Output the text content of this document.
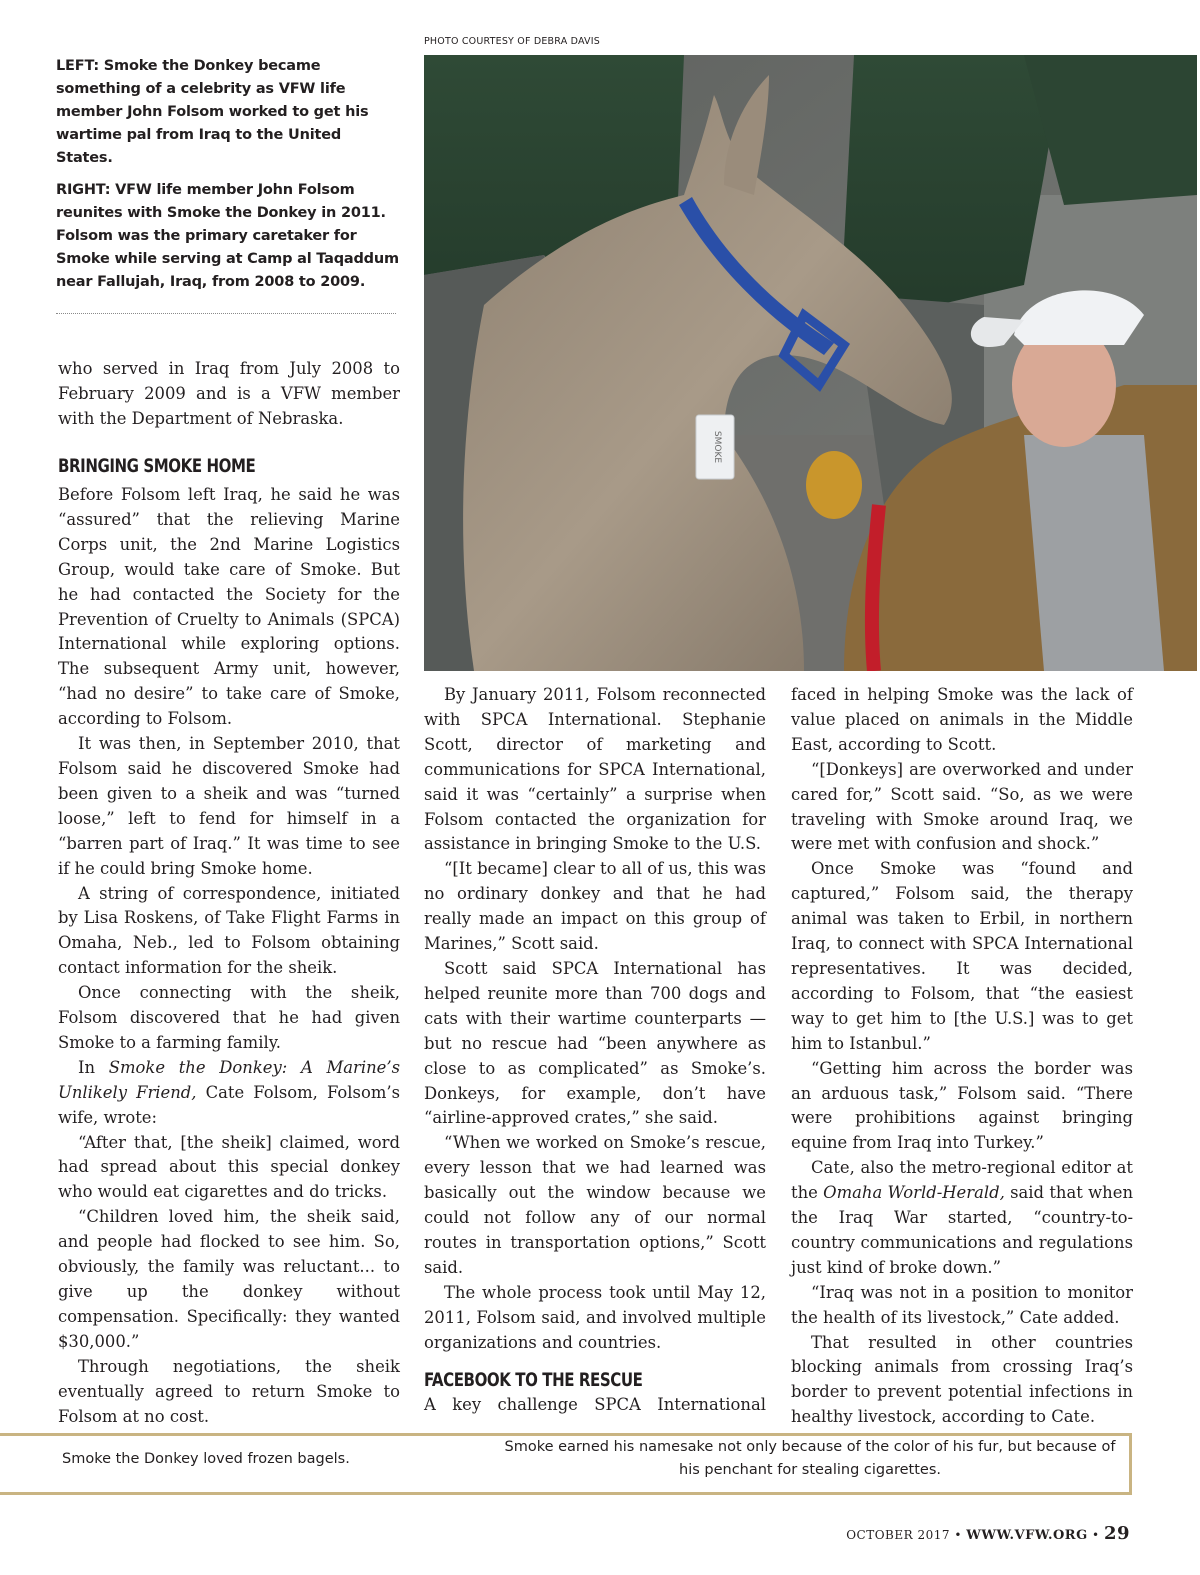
LEFT: Smoke the Donkey became something of a celebrity as VFW life member John Folsom worked to get his wartime pal from Iraq to the United States.
RIGHT: VFW life member John Folsom reunites with Smoke the Donkey in 2011. Folsom was the primary caretaker for Smoke while serving at Camp al Taqaddum near Fallujah, Iraq, from 2008 to 2009.
PHOTO COURTESY OF DEBRA DAVIS
SMOKE

who served in Iraq from July 2008 to February 2009 and is a VFW member with the Department of Nebraska.

BRINGING SMOKE HOME

Before Folsom left Iraq, he said he was “assured” that the relieving Marine Corps unit, the 2nd Marine Logistics Group, would take care of Smoke. But he had contacted the Society for the Prevention of Cruelty to Animals (SPCA) International while exploring options. The subsequent Army unit, however, “had no desire” to take care of Smoke, according to Folsom.

It was then, in September 2010, that Folsom said he discovered Smoke had been given to a sheik and was “turned loose,” left to fend for himself in a “barren part of Iraq.” It was time to see if he could bring Smoke home.

A string of correspondence, initiated by Lisa Roskens, of Take Flight Farms in Omaha, Neb., led to Folsom obtaining contact information for the sheik.

Once connecting with the sheik, Folsom discovered that he had given Smoke to a farming family.

In Smoke the Donkey: A Marine’s Unlikely Friend, Cate Folsom, Folsom’s wife, wrote:

“After that, [the sheik] claimed, word had spread about this special donkey who would eat cigarettes and do tricks.

“Children loved him, the sheik said, and people had flocked to see him. So, obviously, the family was reluctant... to give up the donkey without compensation. Specifically: they wanted $30,000.”

Through negotiations, the sheik eventually agreed to return Smoke to Folsom at no cost.

By January 2011, Folsom reconnected with SPCA International. Stephanie Scott, director of marketing and communications for SPCA International, said it was “certainly” a surprise when Folsom contacted the organization for assistance in bringing Smoke to the U.S.

“[It became] clear to all of us, this was no ordinary donkey and that he had really made an impact on this group of Marines,” Scott said.

Scott said SPCA International has helped reunite more than 700 dogs and cats with their wartime counterparts — but no rescue had “been anywhere as close to as complicated” as Smoke’s. Donkeys, for example, don’t have “airline-approved crates,” she said.

“When we worked on Smoke’s rescue, every lesson that we had learned was basically out the window because we could not follow any of our normal routes in transportation options,” Scott said.

The whole process took until May 12, 2011, Folsom said, and involved multiple organizations and countries.

FACEBOOK TO THE RESCUE

A key challenge SPCA International

faced in helping Smoke was the lack of value placed on animals in the Middle East, according to Scott.

“[Donkeys] are overworked and under cared for,” Scott said. “So, as we were traveling with Smoke around Iraq, we were met with confusion and shock.”

Once Smoke was “found and captured,” Folsom said, the therapy animal was taken to Erbil, in northern Iraq, to connect with SPCA International representatives. It was decided, according to Folsom, that “the easiest way to get him to [the U.S.] was to get him to Istanbul.”

“Getting him across the border was an arduous task,” Folsom said. “There were prohibitions against bringing equine from Iraq into Turkey.”

Cate, also the metro-regional editor at the Omaha World-Herald, said that when the Iraq War started, “country-to-country communications and regulations just kind of broke down.”

“Iraq was not in a position to monitor the health of its livestock,” Cate added.

That resulted in other countries blocking animals from crossing Iraq’s border to prevent potential infections in healthy livestock, according to Cate.

Smoke the Donkey loved frozen bagels.
Smoke earned his namesake not only because of the color of his fur, but because of his penchant for stealing cigarettes.
OCTOBER 2017 • WWW.VFW.ORG • 29
